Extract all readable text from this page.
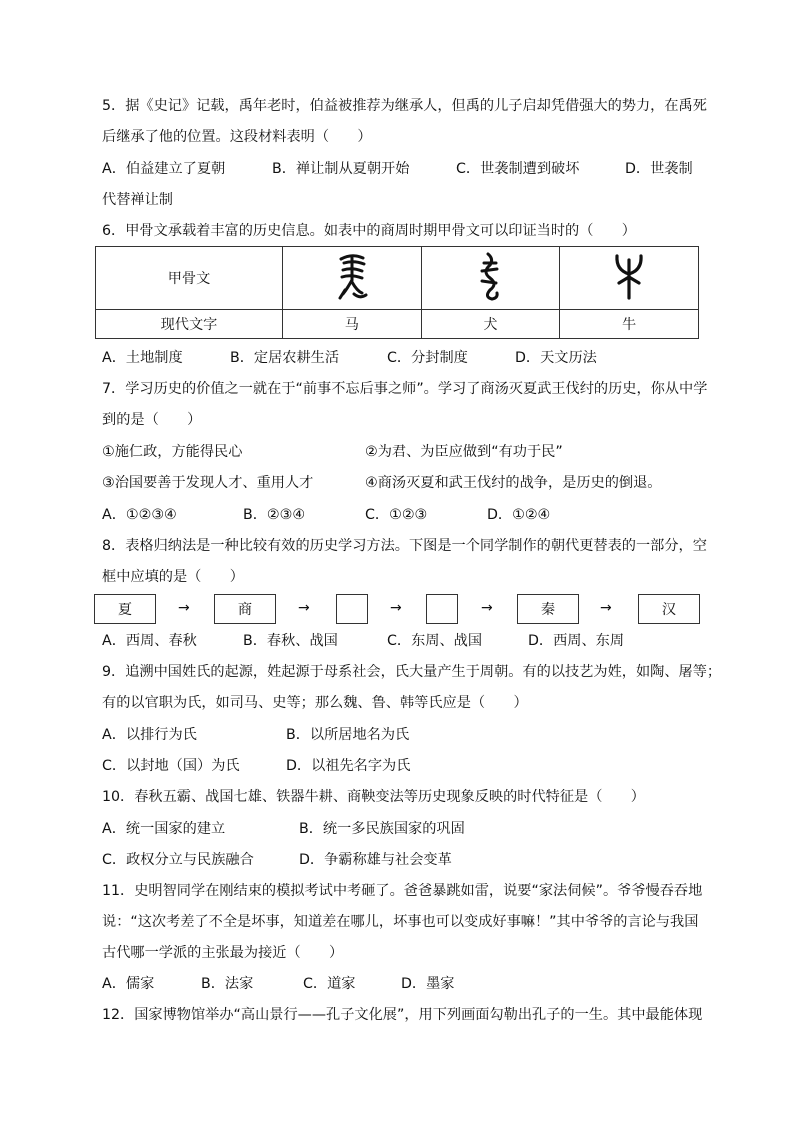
5．据《史记》记载，禹年老时，伯益被推荐为继承人，但禹的儿子启却凭借强大的势力，在禹死
后继承了他的位置。这段材料表明（　　）
A．伯益建立了夏朝	B．禅让制从夏朝开始	C．世袭制遭到破坏	D．世袭制
代替禅让制
6．甲骨文承载着丰富的历史信息。如表中的商周时期甲骨文可以印证当时的（　　）
甲骨文			
现代文字	马	犬	牛
A．土地制度	B．定居农耕生活	C．分封制度	D．天文历法
7．学习历史的价值之一就在于“前事不忘后事之师”。学习了商汤灭夏武王伐纣的历史，你从中学
到的是（　　）
①施仁政，方能得民心	②为君、为臣应做到“有功于民”
③治国要善于发现人才、重用人才	④商汤灭夏和武王伐纣的战争，是历史的倒退。
A．①②③④	B．②③④	C．①②③	D．①②④
8．表格归纳法是一种比较有效的历史学习方法。下图是一个同学制作的朝代更替表的一部分，空
框中应填的是（　　）
夏	→	商	→	→	→	秦	→	汉
A．西周、春秋	B．春秋、战国	C．东周、战国	D．西周、东周
9．追溯中国姓氏的起源，姓起源于母系社会，氏大量产生于周朝。有的以技艺为姓，如陶、屠等；
有的以官职为氏，如司马、史等；那么魏、鲁、韩等氏应是（　　）
A．以排行为氏	B．以所居地名为氏
C．以封地（国）为氏	D．以祖先名字为氏
10．春秋五霸、战国七雄、铁器牛耕、商鞅变法等历史现象反映的时代特征是（　　）
A．统一国家的建立	B．统一多民族国家的巩固
C．政权分立与民族融合	D．争霸称雄与社会变革
11．史明智同学在刚结束的模拟考试中考砸了。爸爸暴跳如雷，说要“家法伺候”。爷爷慢吞吞地
说：“这次考差了不全是坏事，知道差在哪儿，坏事也可以变成好事嘛！”其中爷爷的言论与我国
古代哪一学派的主张最为接近（　　）
A．儒家	B．法家	C．道家	D．墨家
12．国家博物馆举办“高山景行——孔子文化展”，用下列画面勾勒出孔子的一生。其中最能体现
